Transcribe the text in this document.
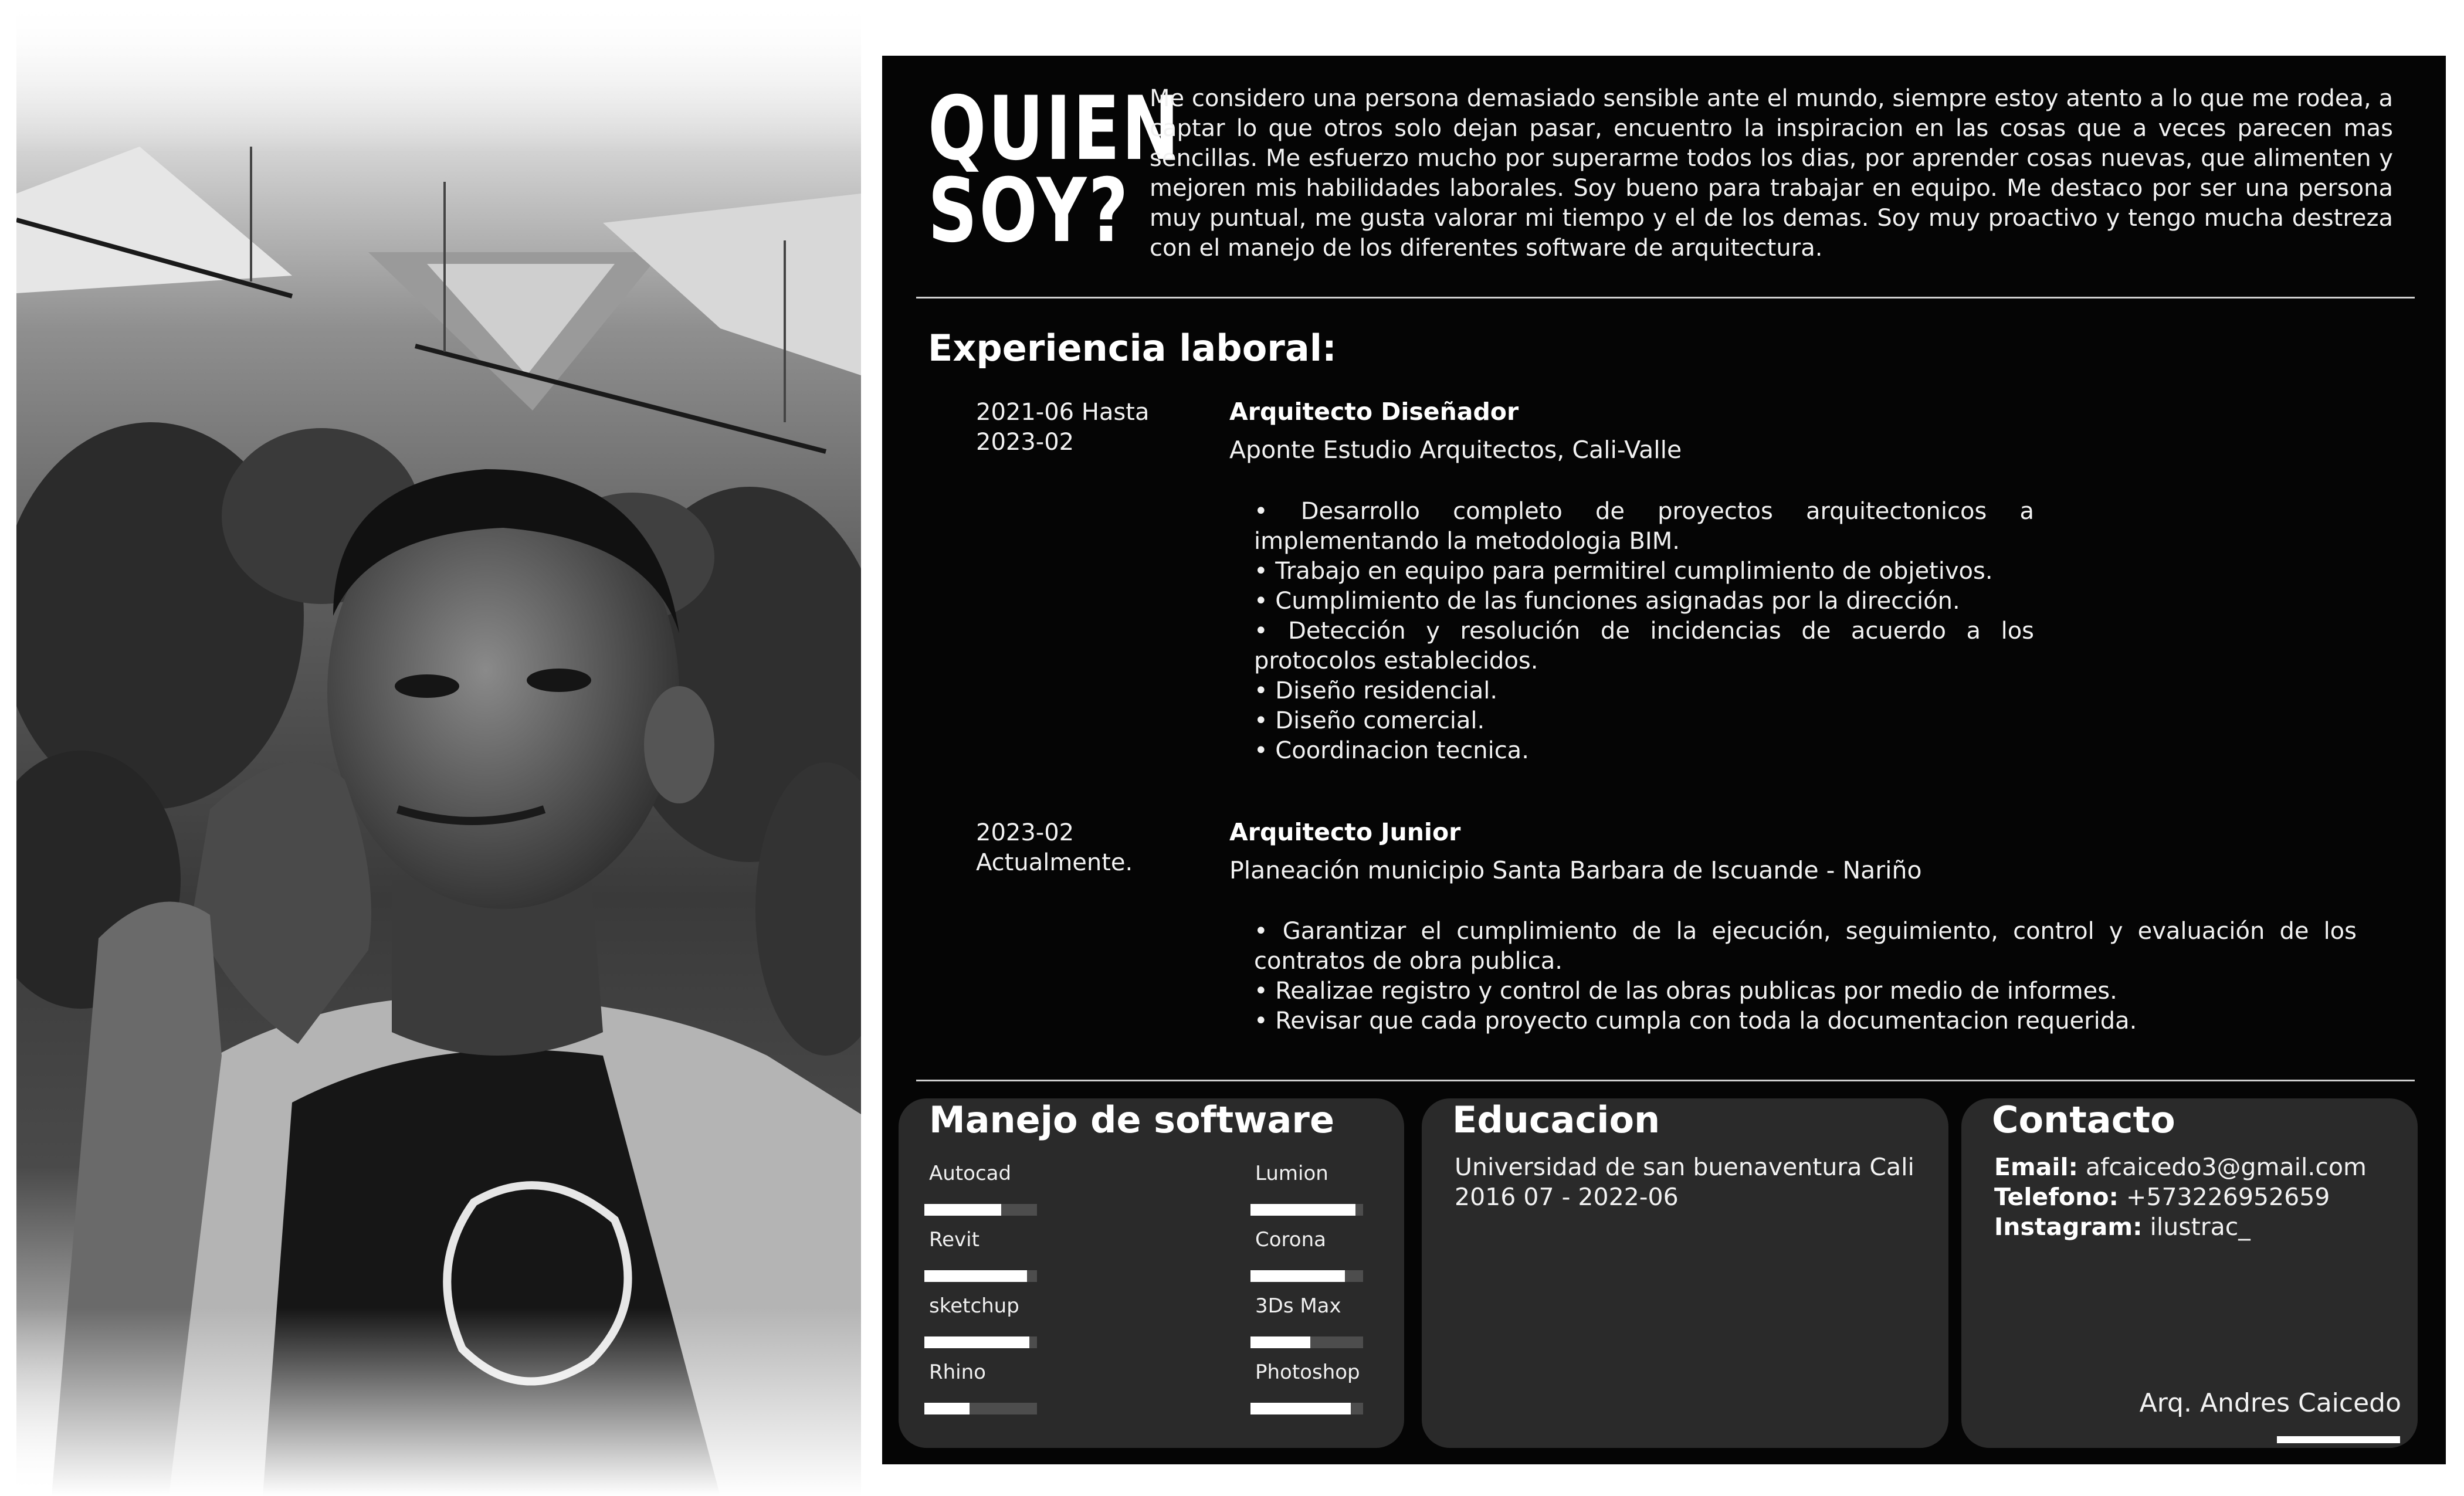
QUIEN
SOY?
Me considero una persona demasiado sensible ante el mundo, siempre estoy atento a lo que me rodea, a captar lo que otros solo dejan pasar, encuentro la inspiracion en las cosas que a veces parecen mas sencillas. Me esfuerzo mucho por superarme todos los dias, por aprender cosas nuevas, que alimenten y mejoren mis habilidades laborales. Soy bueno para trabajar en equipo. Me destaco por ser una persona muy puntual, me gusta valorar mi tiempo y el de los demas. Soy muy proactivo y tengo mucha destreza con el manejo de los diferentes software de arquitectura.
Experiencia laboral:
2021-06 Hasta
2023-02
Arquitecto Diseñador
Aponte Estudio Arquitectos, Cali-Valle
• Desarrollo completo de proyectos arquitectonicos a implementando la metodologia BIM.
• Trabajo en equipo para permitirel cumplimiento de objetivos.
• Cumplimiento de las funciones asignadas por la dirección.
• Detección y resolución de incidencias de acuerdo a los protocolos establecidos.
• Diseño residencial.
• Diseño comercial.
• Coordinacion tecnica.
2023-02
Actualmente.
Arquitecto Junior
Planeación municipio Santa Barbara de Iscuande - Nariño
• Garantizar el cumplimiento de la ejecución, seguimiento, control y evaluación de los contratos de obra publica.
• Realizae registro y control de las obras publicas por medio de informes.
• Revisar que cada proyecto cumpla con toda la documentacion requerida.
Manejo de software
Autocad	Lumion
Revit	Corona
sketchup	3Ds Max
Rhino	Photoshop
Educacion
Universidad de san buenaventura Cali
2016 07 - 2022-06
Contacto
Email: afcaicedo3@gmail.com
Telefono: +573226952659
Instagram: ilustrac_
Arq. Andres Caicedo
